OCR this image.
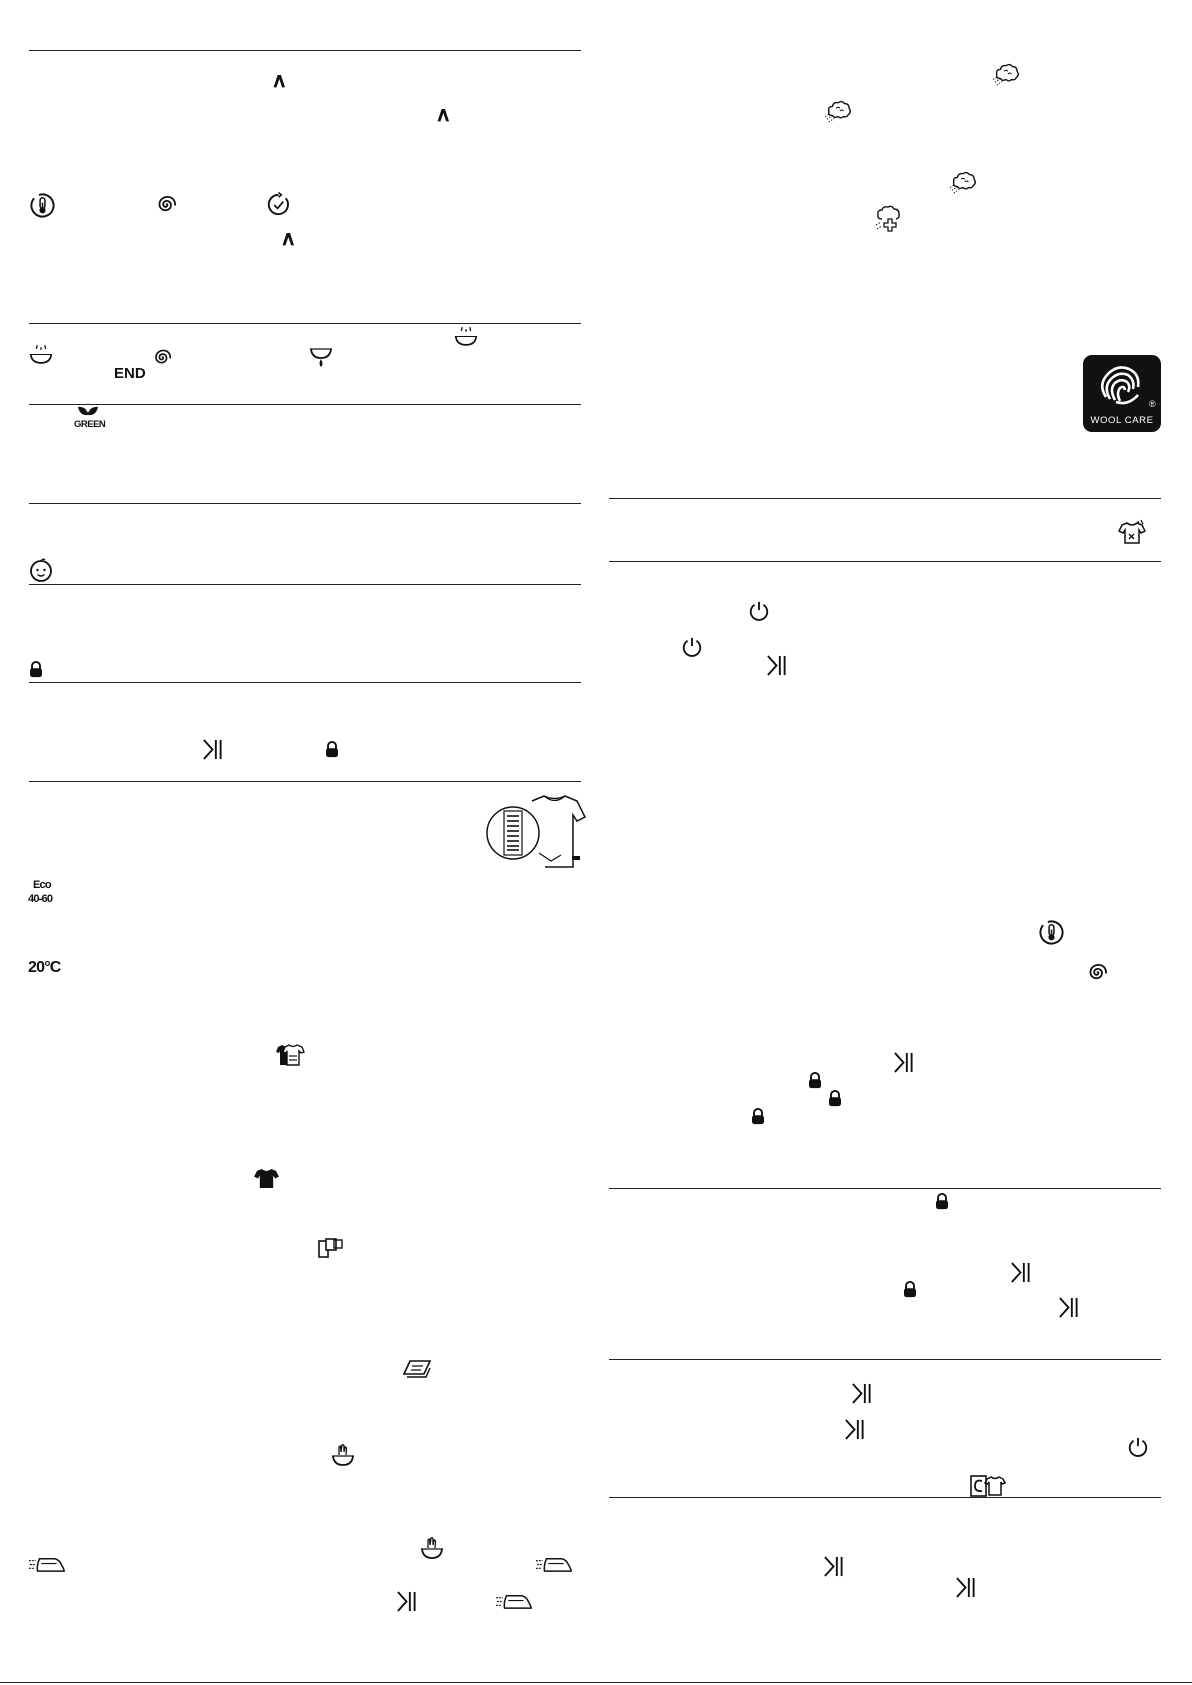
∧
∧
∧
END
GREEN
Eco
40-60
20°C
®
WOOL CARE
